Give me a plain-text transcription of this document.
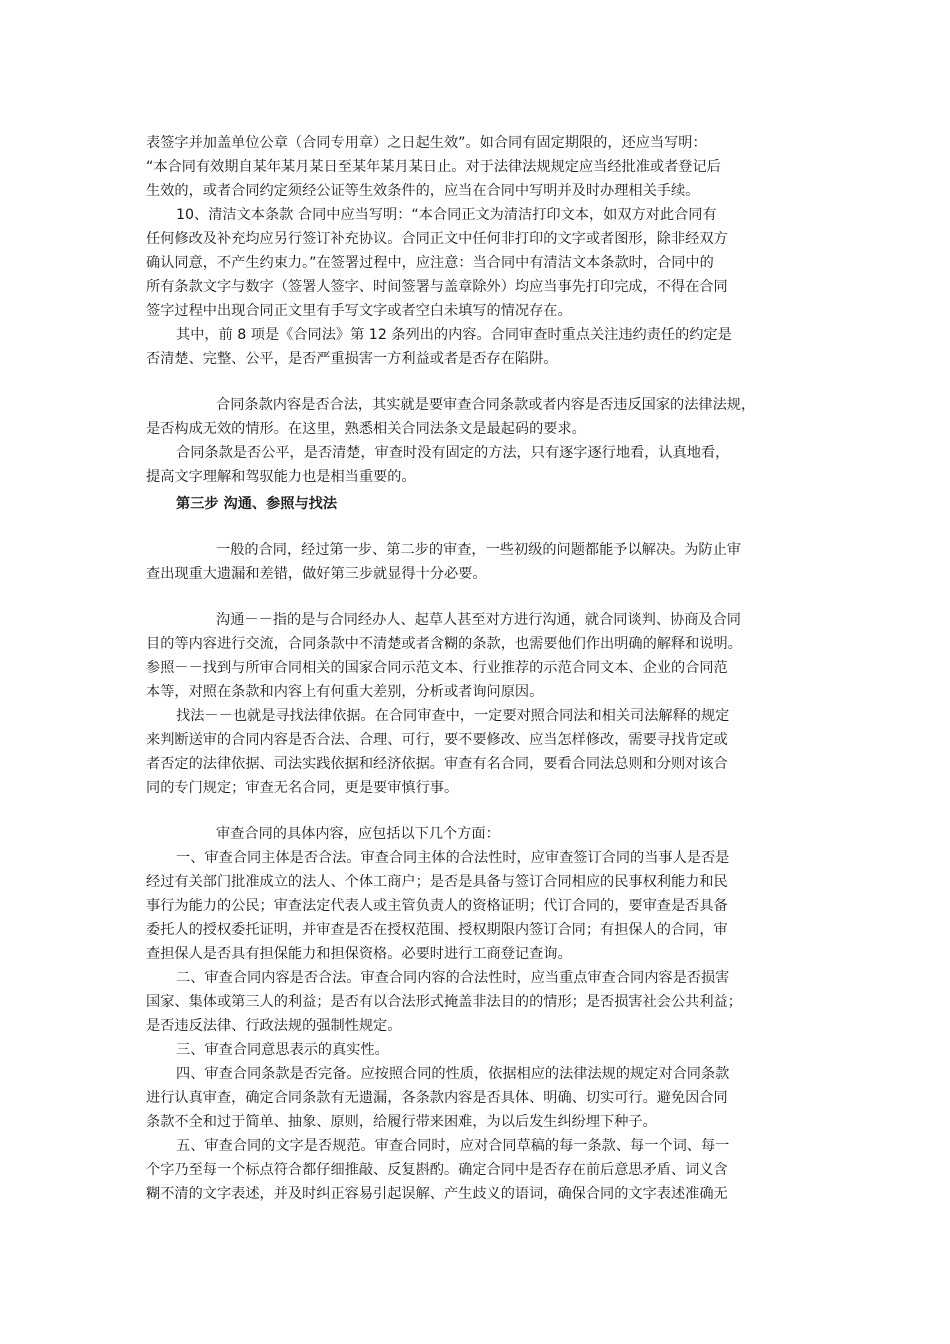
表签字并加盖单位公章（合同专用章）之日起生效”。如合同有固定期限的，还应当写明：
“本合同有效期自某年某月某日至某年某月某日止。对于法律法规规定应当经批准或者登记后
生效的，或者合同约定须经公证等生效条件的，应当在合同中写明并及时办理相关手续。
10、清洁文本条款 合同中应当写明：“本合同正文为清洁打印文本，如双方对此合同有
任何修改及补充均应另行签订补充协议。合同正文中任何非打印的文字或者图形，除非经双方
确认同意，不产生约束力。”在签署过程中，应注意：当合同中有清洁文本条款时，合同中的
所有条款文字与数字（签署人签字、时间签署与盖章除外）均应当事先打印完成，不得在合同
签字过程中出现合同正文里有手写文字或者空白未填写的情况存在。
其中，前 8 项是《合同法》第 12 条列出的内容。合同审查时重点关注违约责任的约定是
否清楚、完整、公平，是否严重损害一方利益或者是否存在陷阱。
合同条款内容是否合法，其实就是要审查合同条款或者内容是否违反国家的法律法规，
是否构成无效的情形。在这里，熟悉相关合同法条文是最起码的要求。
合同条款是否公平，是否清楚，审查时没有固定的方法，只有逐字逐行地看，认真地看，
提高文字理解和驾驭能力也是相当重要的。
第三步 沟通、参照与找法
一般的合同，经过第一步、第二步的审查，一些初级的问题都能予以解决。为防止审
查出现重大遗漏和差错，做好第三步就显得十分必要。
沟通－－指的是与合同经办人、起草人甚至对方进行沟通，就合同谈判、协商及合同
目的等内容进行交流，合同条款中不清楚或者含糊的条款，也需要他们作出明确的解释和说明。
参照－－找到与所审合同相关的国家合同示范文本、行业推荐的示范合同文本、企业的合同范
本等，对照在条款和内容上有何重大差别，分析或者询问原因。
找法－－也就是寻找法律依据。在合同审查中，一定要对照合同法和相关司法解释的规定
来判断送审的合同内容是否合法、合理、可行，要不要修改、应当怎样修改，需要寻找肯定或
者否定的法律依据、司法实践依据和经济依据。审查有名合同，要看合同法总则和分则对该合
同的专门规定；审查无名合同，更是要审慎行事。
审查合同的具体内容，应包括以下几个方面：
一、审查合同主体是否合法。审查合同主体的合法性时，应审查签订合同的当事人是否是
经过有关部门批准成立的法人、个体工商户；是否是具备与签订合同相应的民事权利能力和民
事行为能力的公民；审查法定代表人或主管负责人的资格证明；代订合同的，要审查是否具备
委托人的授权委托证明，并审查是否在授权范围、授权期限内签订合同；有担保人的合同，审
查担保人是否具有担保能力和担保资格。必要时进行工商登记查询。
二、审查合同内容是否合法。审查合同内容的合法性时，应当重点审查合同内容是否损害
国家、集体或第三人的利益；是否有以合法形式掩盖非法目的的情形；是否损害社会公共利益；
是否违反法律、行政法规的强制性规定。
三、审查合同意思表示的真实性。
四、审查合同条款是否完备。应按照合同的性质，依据相应的法律法规的规定对合同条款
进行认真审查，确定合同条款有无遗漏，各条款内容是否具体、明确、切实可行。避免因合同
条款不全和过于简单、抽象、原则，给履行带来困难，为以后发生纠纷埋下种子。
五、审查合同的文字是否规范。审查合同时，应对合同草稿的每一条款、每一个词、每一
个字乃至每一个标点符合都仔细推敲、反复斟酌。确定合同中是否存在前后意思矛盾、词义含
糊不清的文字表述，并及时纠正容易引起误解、产生歧义的语词，确保合同的文字表述准确无
